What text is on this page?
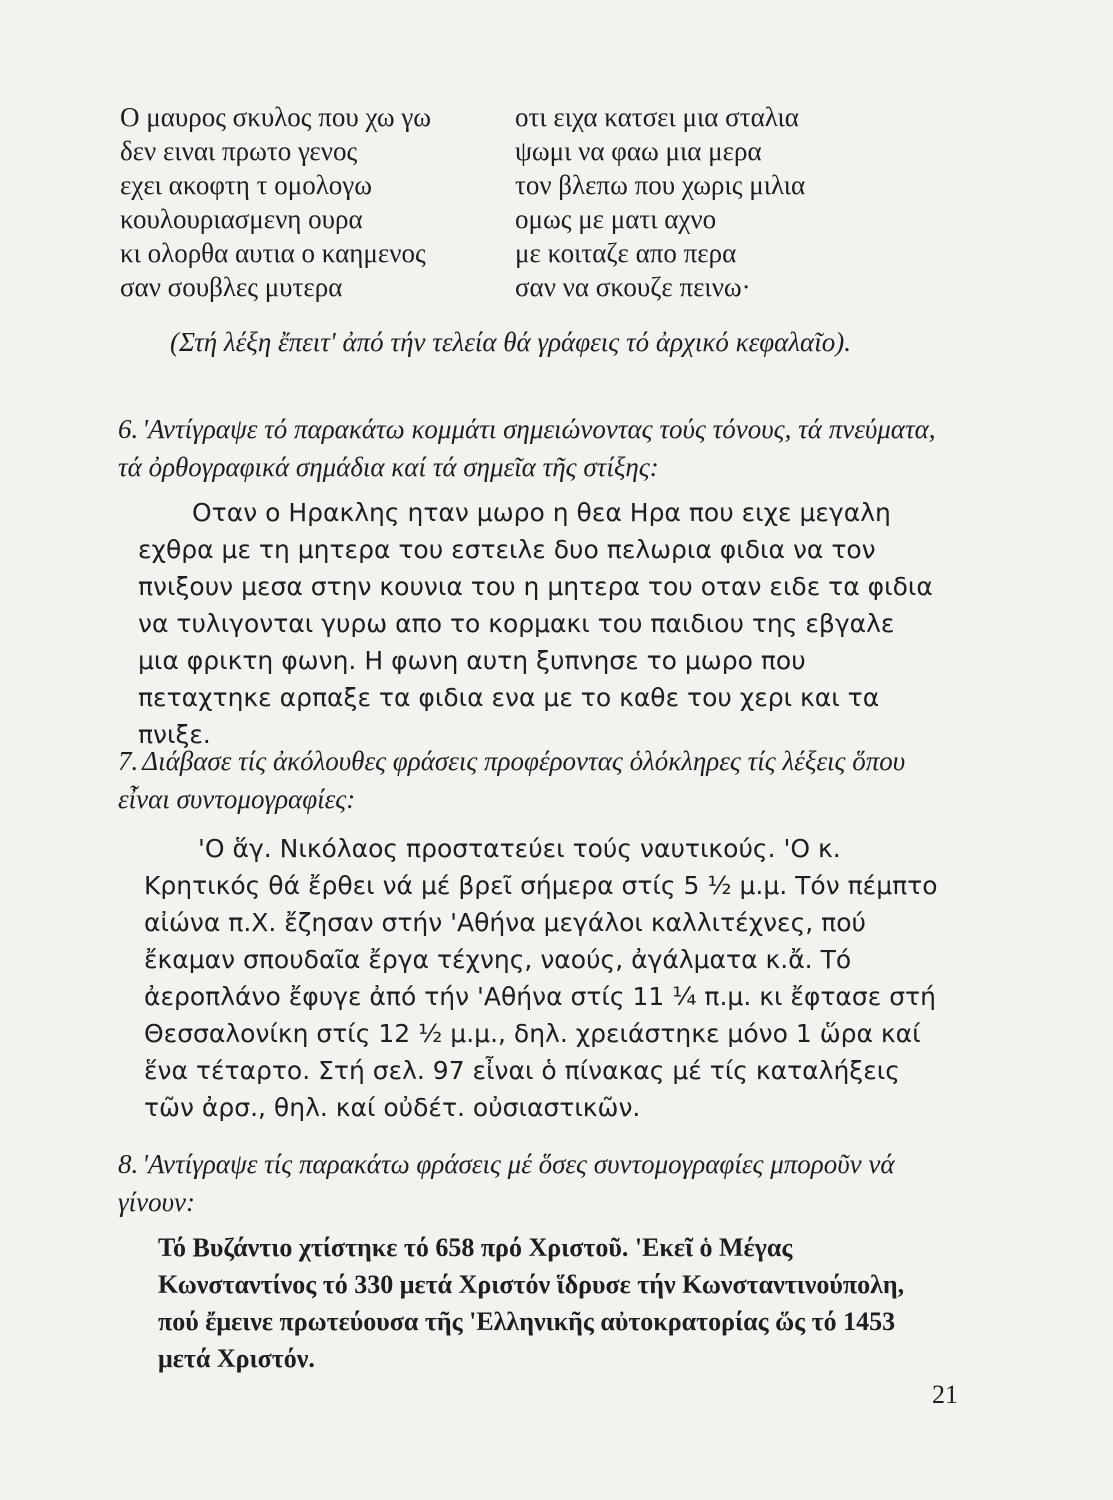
Ο μαυρος σκυλος που χω γω
δεν ειναι πρωτο γενος
εχει ακοφτη τ ομολογω
κουλουριασμενη ουρα
κι ολορθα αυτια ο καημενος
σαν σουβλες μυτερα
οτι ειχα κατσει μια σταλια
ψωμι να φαω μια μερα
τον βλεπω που χωρις μιλια
ομως με ματι αχνο
με κοιταζε απο περα
σαν να σκουζε πεινω·
(Στή λέξη ἔπειτ' ἀπό τήν τελεία θά γράφεις τό ἀρχικό κεφαλαῖο).
6. 'Αντίγραψε τό παρακάτω κομμάτι σημειώνοντας τούς τόνους, τά πνεύματα, τά ὀρθογραφικά σημάδια καί τά σημεῖα τῆς στίξης:

Οταν ο Ηρακλης ηταν μωρο η θεα Ηρα που ειχε μεγαλη εχθρα με τη μητερα του εστειλε δυο πελωρια φιδια να τον πνιξουν μεσα στην κουνια του η μητερα του οταν ειδε τα φιδια να τυλιγονται γυρω απο το κορμακι του παιδιου της εβγαλε μια φρικτη φωνη. Η φωνη αυτη ξυπνησε το μωρο που πεταχτηκε αρπαξε τα φιδια ενα με το καθε του χερι και τα πνιξε.

7. Διάβασε τίς ἀκόλουθες φράσεις προφέροντας ὁλόκληρες τίς λέξεις ὅπου εἶναι συντομογραφίες:

'Ο ἅγ. Νικόλαος προστατεύει τούς ναυτικούς. 'Ο κ. Κρητικός θά ἔρθει νά μέ βρεῖ σήμερα στίς 5 ½ μ.μ. Τόν πέμπτο αἰώνα π.Χ. ἔζησαν στήν 'Αθήνα μεγάλοι καλλιτέχνες, πού ἔκαμαν σπουδαῖα ἔργα τέχνης, ναούς, ἀγάλματα κ.ἄ. Τό ἀεροπλάνο ἔφυγε ἀπό τήν 'Αθήνα στίς 11 ¼ π.μ. κι ἔφτασε στή Θεσσαλονίκη στίς 12 ½ μ.μ., δηλ. χρειάστηκε μόνο 1 ὥρα καί ἕνα τέταρτο. Στή σελ. 97 εἶναι ὁ πίνακας μέ τίς καταλήξεις τῶν ἀρσ., θηλ. καί οὐδέτ. οὐσιαστικῶν.

8. 'Αντίγραψε τίς παρακάτω φράσεις μέ ὅσες συντομογραφίες μποροῦν νά γίνουν:

Τό Βυζάντιο χτίστηκε τό 658 πρό Χριστοῦ. 'Εκεῖ ὁ Μέγας Κωνσταντίνος τό 330 μετά Χριστόν ἵδρυσε τήν Κωνσταντινούπολη, πού ἔμεινε πρωτεύουσα τῆς 'Ελληνικῆς αὐτοκρατορίας ὥς τό 1453 μετά Χριστόν.

21
